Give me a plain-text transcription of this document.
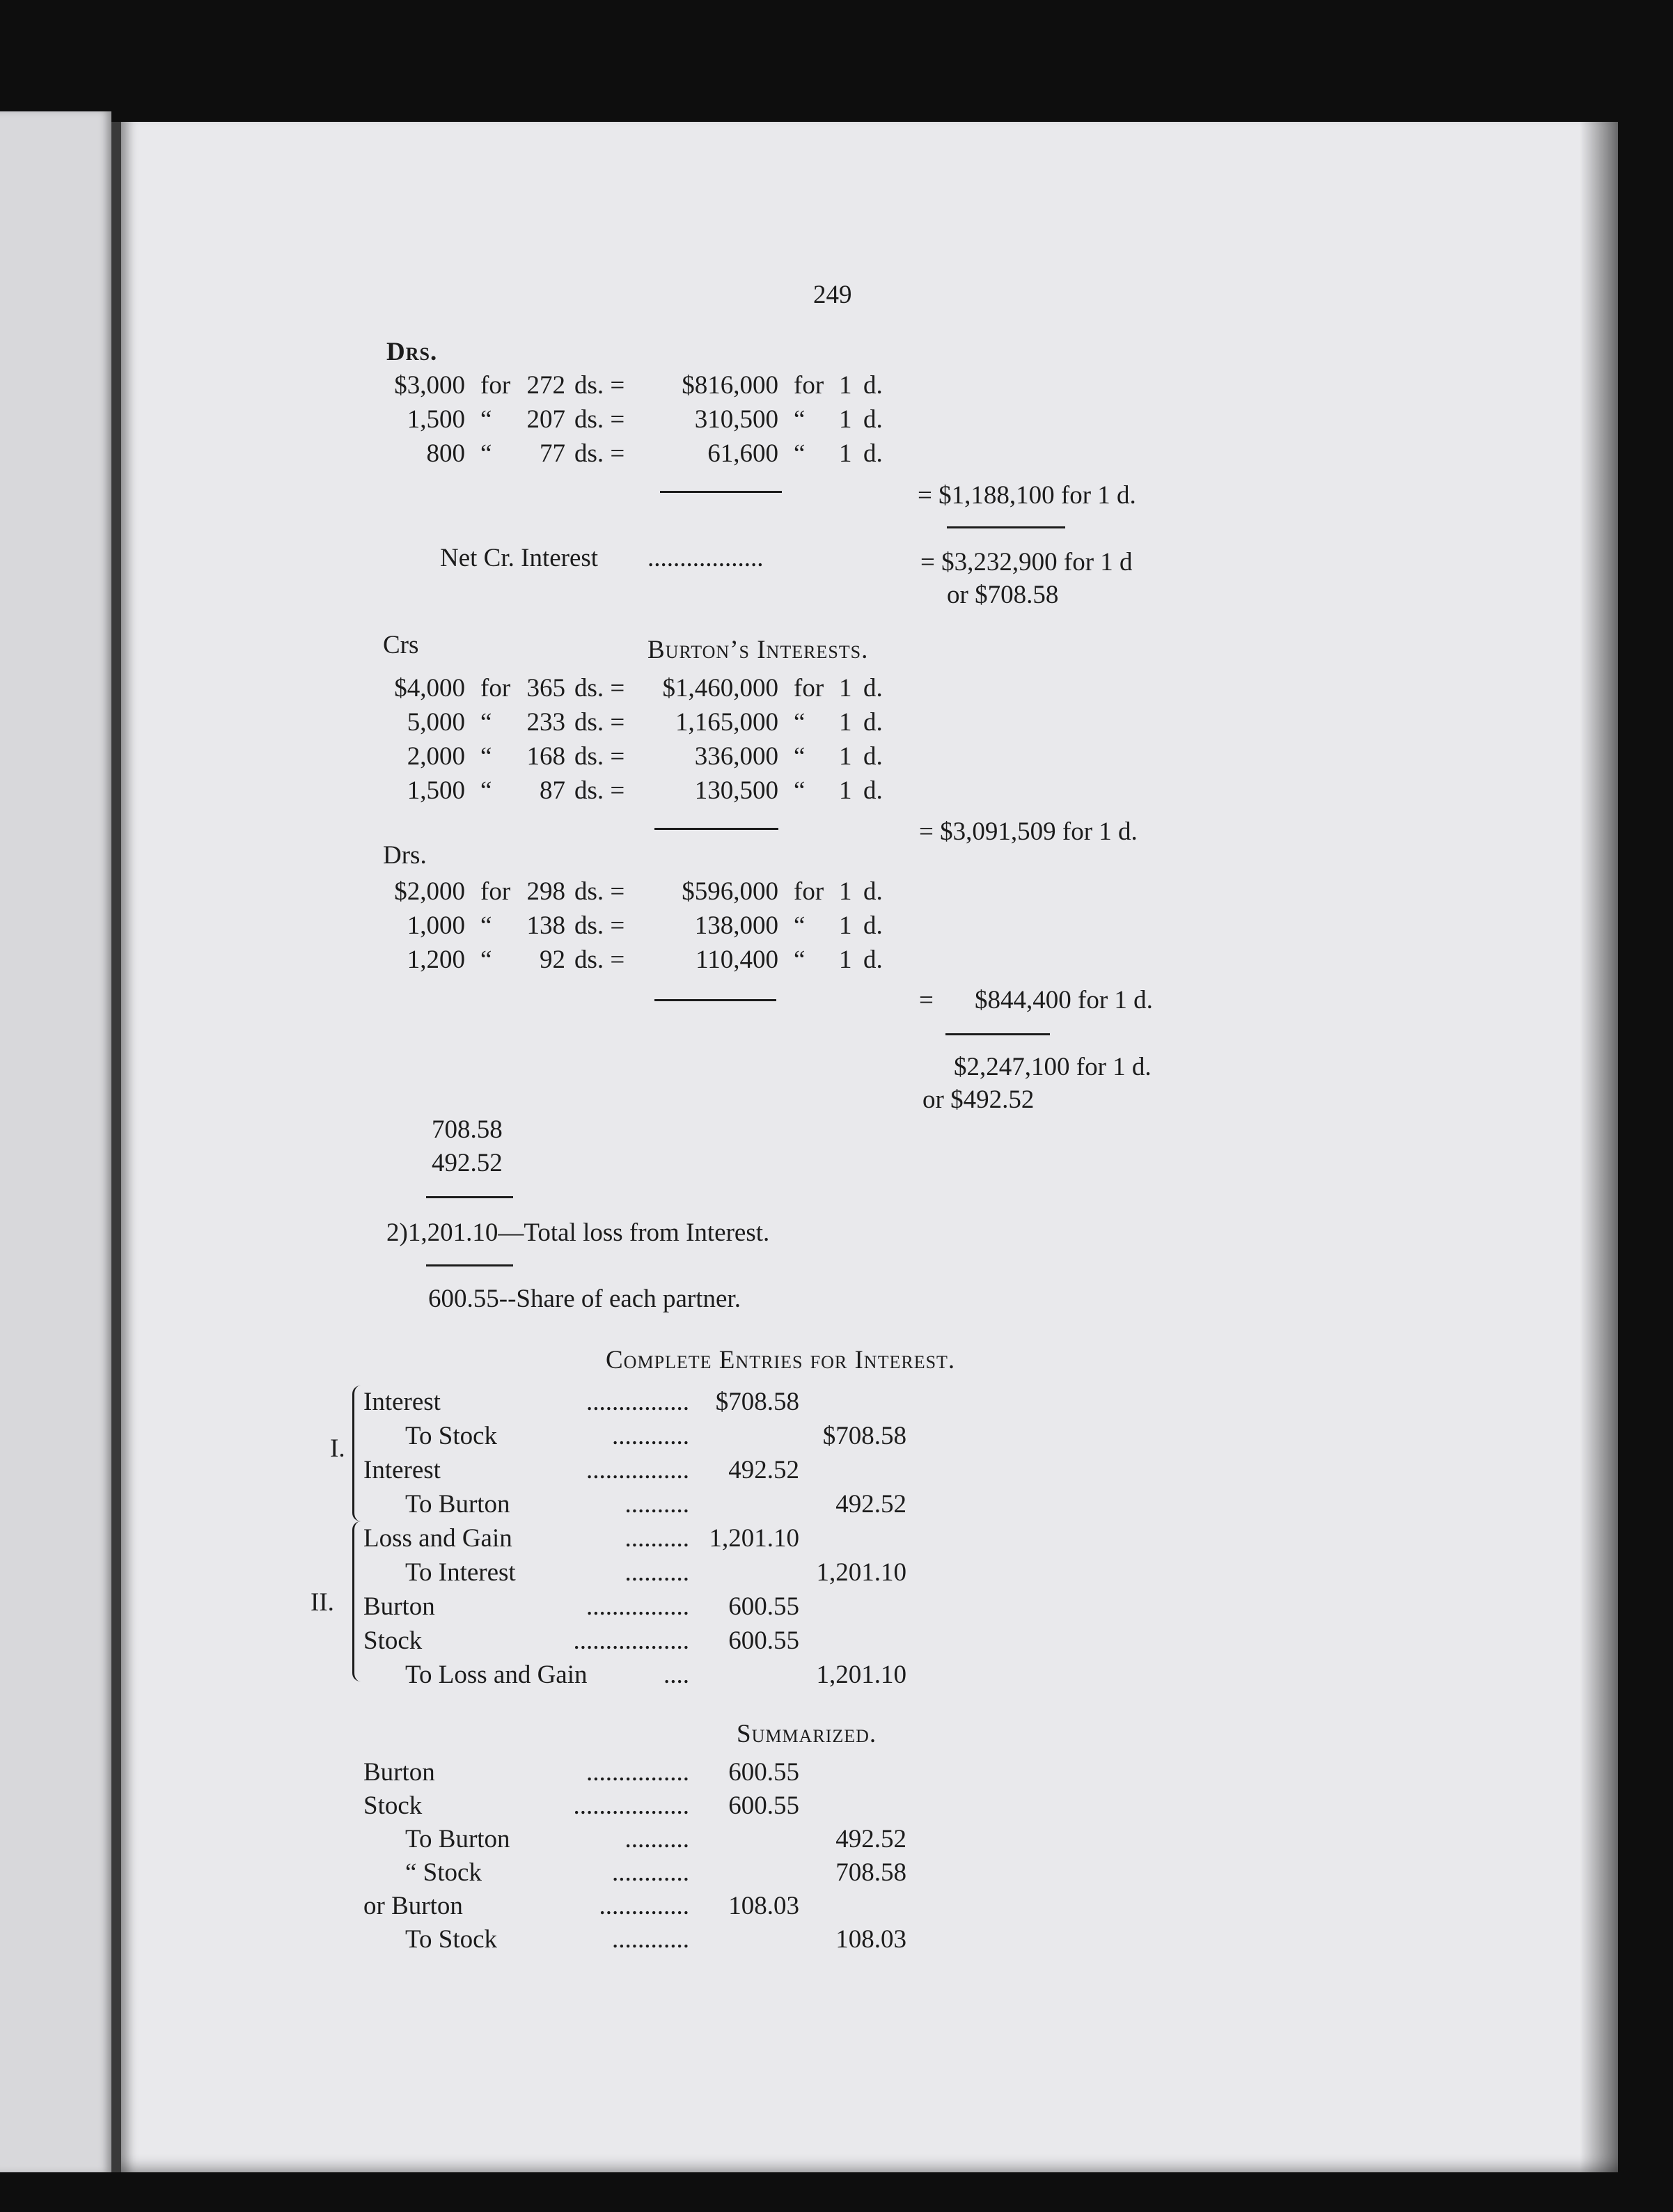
249
Drs.
= $1,188,100 for 1 d.
Net Cr. Interest ..................	= $3,232,900 for 1 d
or $708.58
Crs	Burton’s Interests.
= $3,091,509 for 1 d.
Drs.
= $844,400 for 1 d.
$2,247,100 for 1 d.
or $492.52
708.58
492.52
2)1,201.10—Total loss from Interest.
600.55--Share of each partner.
Complete Entries for Interest.
I.
II.
Summarized.
$3,000 for 272 ds. = $816,000 for 1 d.
1,500 “ 207 ds. =	310,500 “ 1 d.
800 “ 77 ds. =	61,600 “ 1 d.
$4,000 for 365 ds. = $1,460,000 for 1 d.
5,000 “ 233 ds. = 1,165,000 “ 1 d.
2,000 “ 168 ds. =	336,000 “ 1 d.
1,500 “ 87 ds. =	130,500 “ 1 d.
$2,000 for 298 ds. = $596,000 for 1 d.
1,000 “ 138 ds. =	138,000 “ 1 d.
1,200 “ 92 ds. =	110,400 “ 1 d.
Interest	................ $708.58
To Stock	............	$708.58
Interest	................ 492.52
To Burton	..........	492.52
Loss and Gain	.......... 1,201.10
To Interest	..........	1,201.10
Burton	................ 600.55
Stock	.................. 600.55
To Loss and Gain	....	1,201.10
Burton	................ 600.55
Stock	.................. 600.55
To Burton	..........	492.52
“ Stock	............	708.58
or Burton	.............. 108.03
To Stock	............	108.03
